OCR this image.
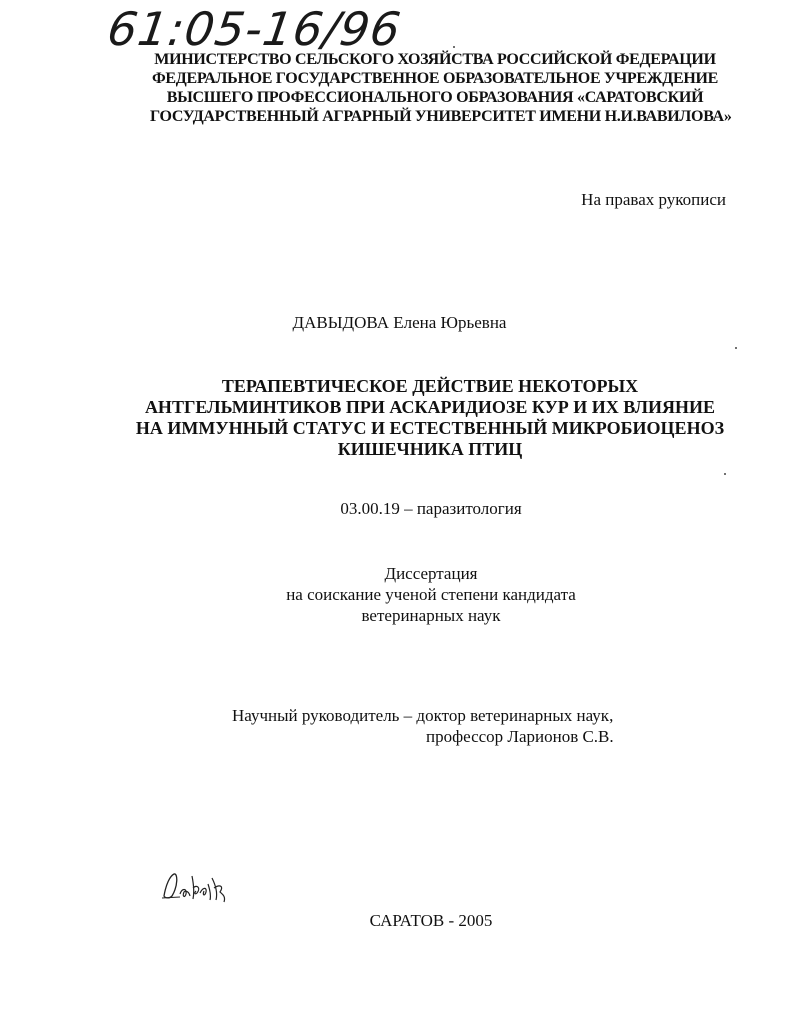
61:05-16/96
МИНИСТЕРСТВО СЕЛЬСКОГО ХОЗЯЙСТВА РОССИЙСКОЙ ФЕДЕРАЦИИ
ФЕДЕРАЛЬНОЕ ГОСУДАРСТВЕННОЕ ОБРАЗОВАТЕЛЬНОЕ УЧРЕЖДЕНИЕ
ВЫСШЕГО ПРОФЕССИОНАЛЬНОГО ОБРАЗОВАНИЯ «САРАТОВСКИЙ
ГОСУДАРСТВЕННЫЙ АГРАРНЫЙ УНИВЕРСИТЕТ ИМЕНИ Н.И.ВАВИЛОВА»
На правах рукописи
ДАВЫДОВА Елена Юрьевна
ТЕРАПЕВТИЧЕСКОЕ ДЕЙСТВИЕ НЕКОТОРЫХ
АНТГЕЛЬМИНТИКОВ ПРИ АСКАРИДИОЗЕ КУР И ИХ ВЛИЯНИЕ
НА ИММУННЫЙ СТАТУС И ЕСТЕСТВЕННЫЙ МИКРОБИОЦЕНОЗ
КИШЕЧНИКА ПТИЦ
03.00.19 – паразитология
Диссертация
на соискание ученой степени кандидата
ветеринарных наук
Научный руководитель – доктор ветеринарных наук,
профессор Ларионов С.В.
САРАТОВ - 2005
